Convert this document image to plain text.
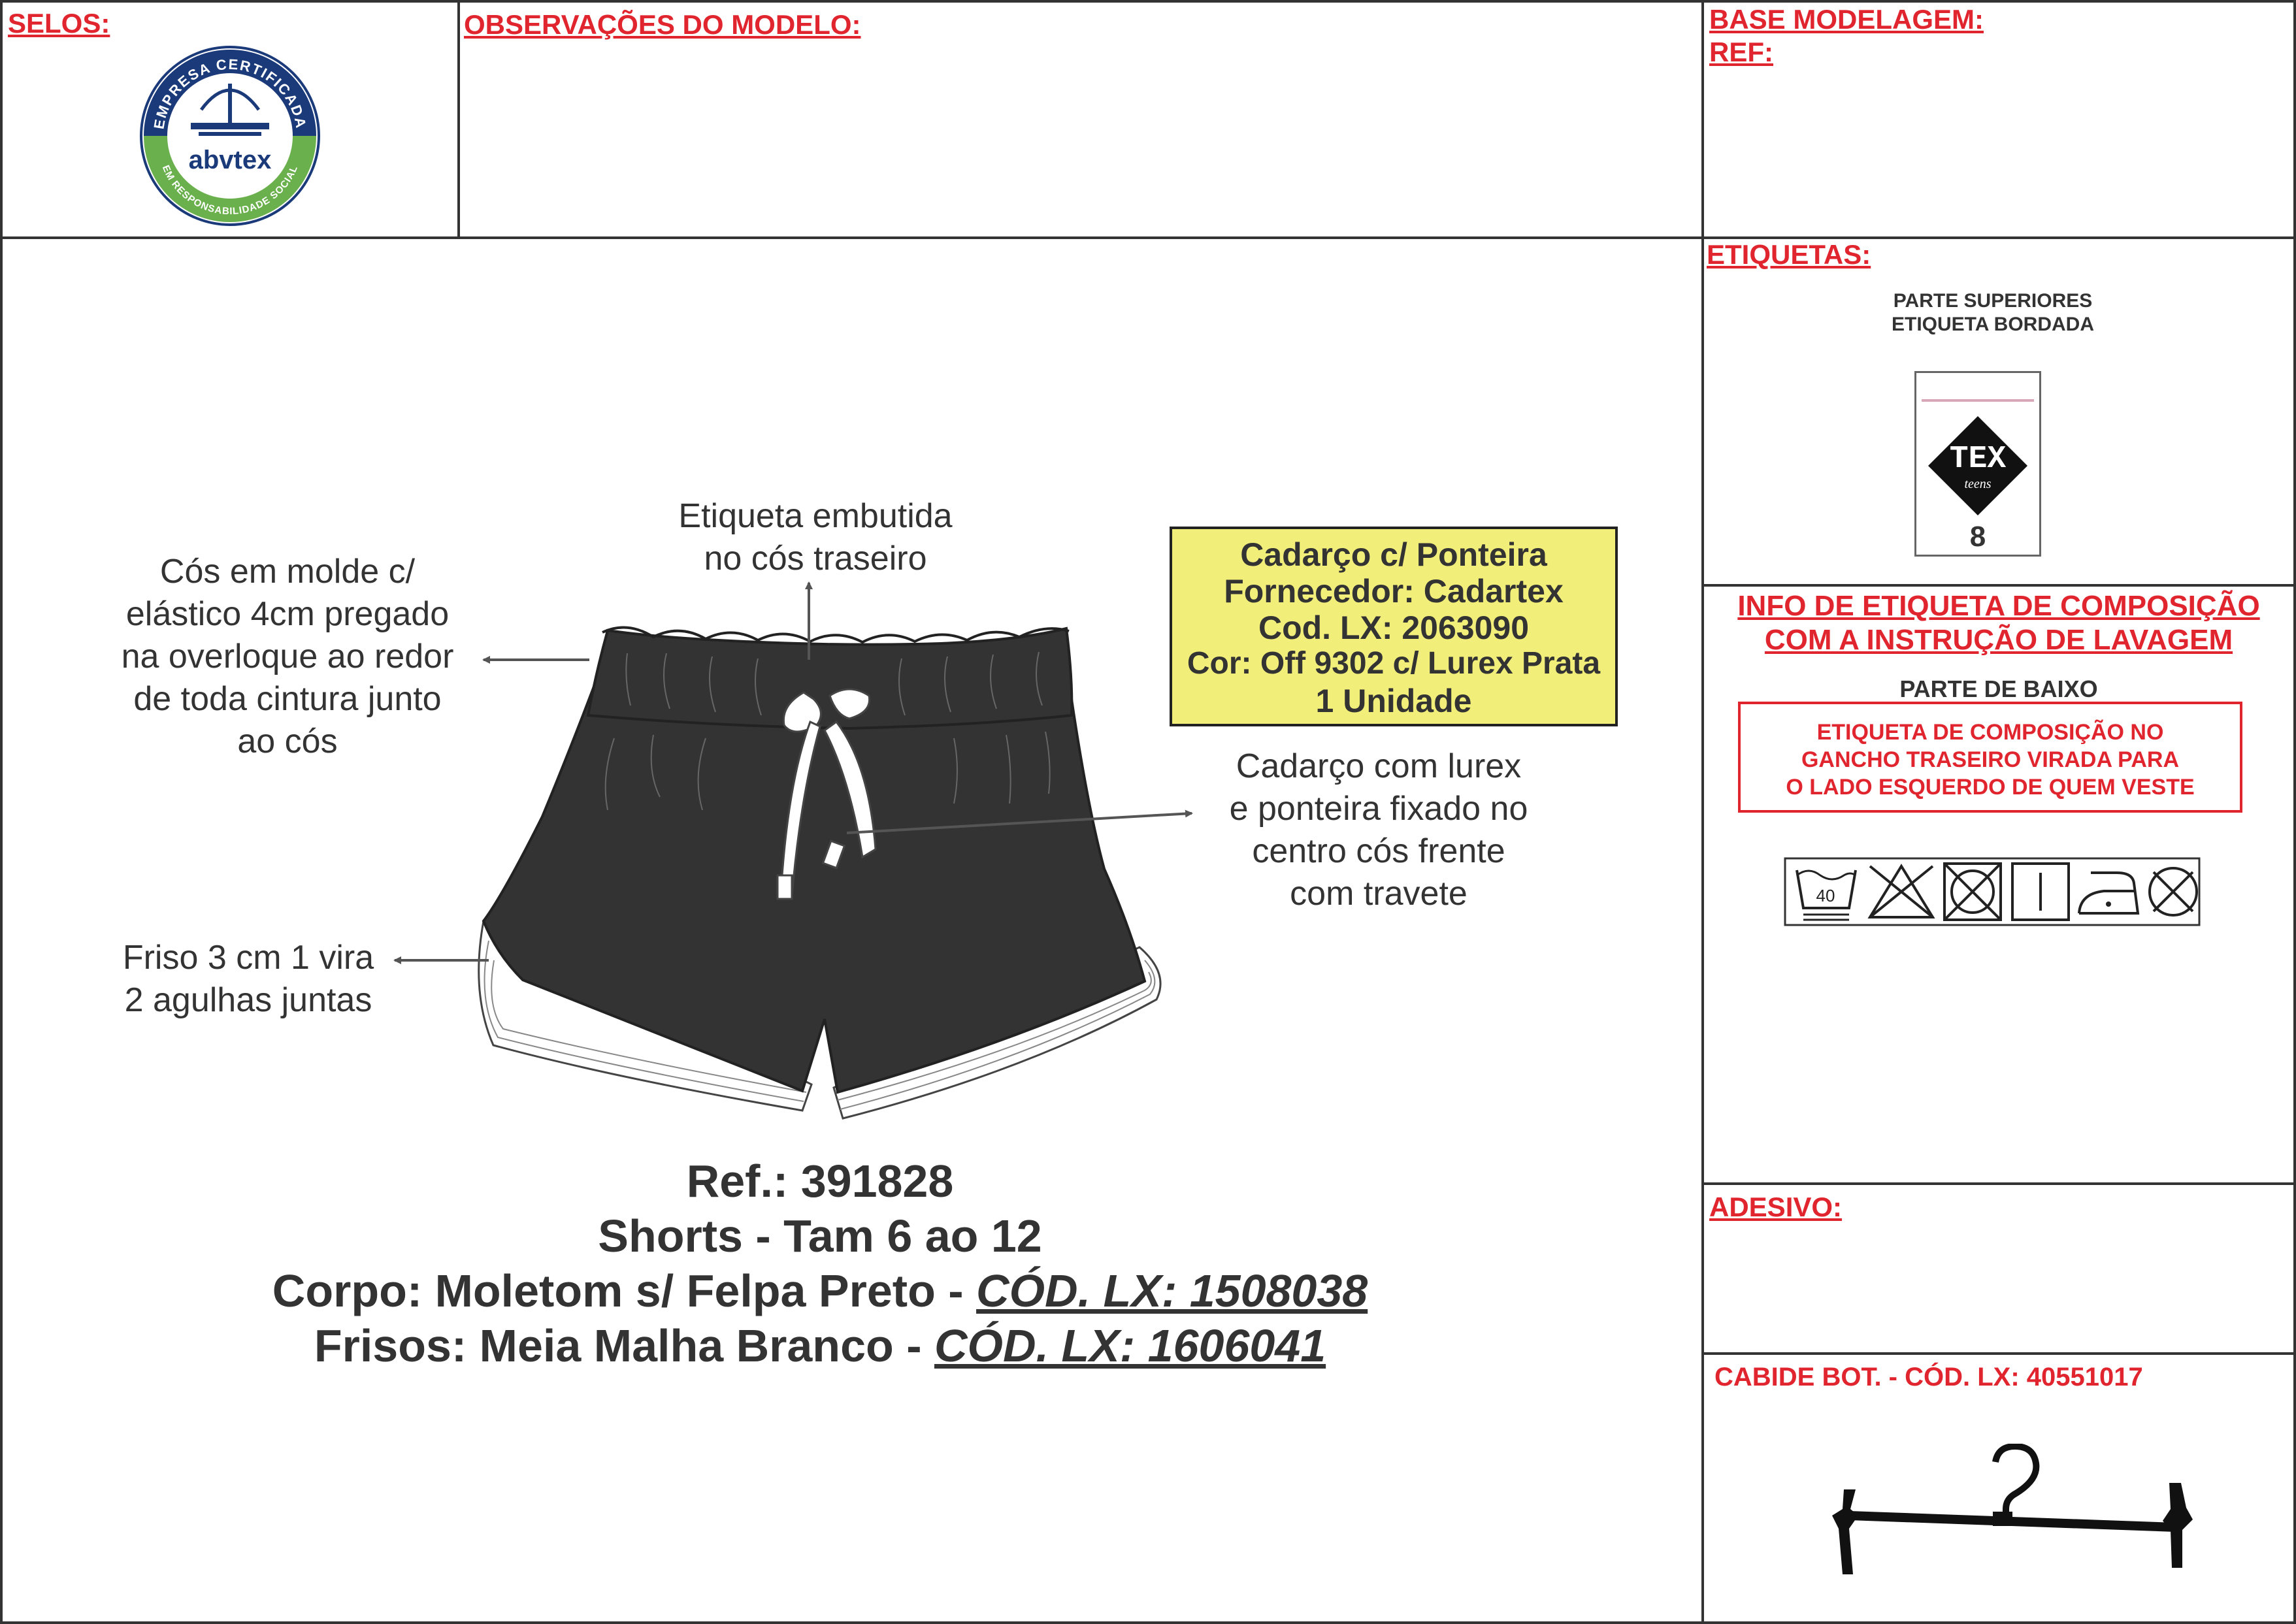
SELOS:	OBSERVAÇÕES DO MODELO:	BASE MODELAGEM:
REF:
EMPRESA CERTIFICADA
EM RESPONSABILIDADE SOCIAL
abvtex
ETIQUETAS:
PARTE SUPERIORES
ETIQUETA BORDADA
TEX
teens
8
INFO DE ETIQUETA DE COMPOSIÇÃO
COM A INSTRUÇÃO DE LAVAGEM
PARTE DE BAIXO
ETIQUETA DE COMPOSIÇÃO NO
GANCHO TRASEIRO VIRADA PARA
O LADO ESQUERDO DE QUEM VESTE
40
ADESIVO:
CABIDE BOT. - CÓD. LX: 40551017
Etiqueta embutida
no cós traseiro
Cós em molde c/
elástico 4cm pregado
na overloque ao redor
de toda cintura junto
ao cós
Friso 3 cm 1 vira
2 agulhas juntas
Cadarço com lurex
e ponteira fixado no
centro cós frente
com travete
Cadarço c/ Ponteira
Fornecedor: Cadartex
Cod. LX: 2063090
Cor: Off 9302 c/ Lurex Prata
1 Unidade
Ref.: 391828
Shorts - Tam 6 ao 12
Corpo: Moletom s/ Felpa Preto - CÓD. LX: 1508038
Frisos: Meia Malha Branco - CÓD. LX: 1606041
